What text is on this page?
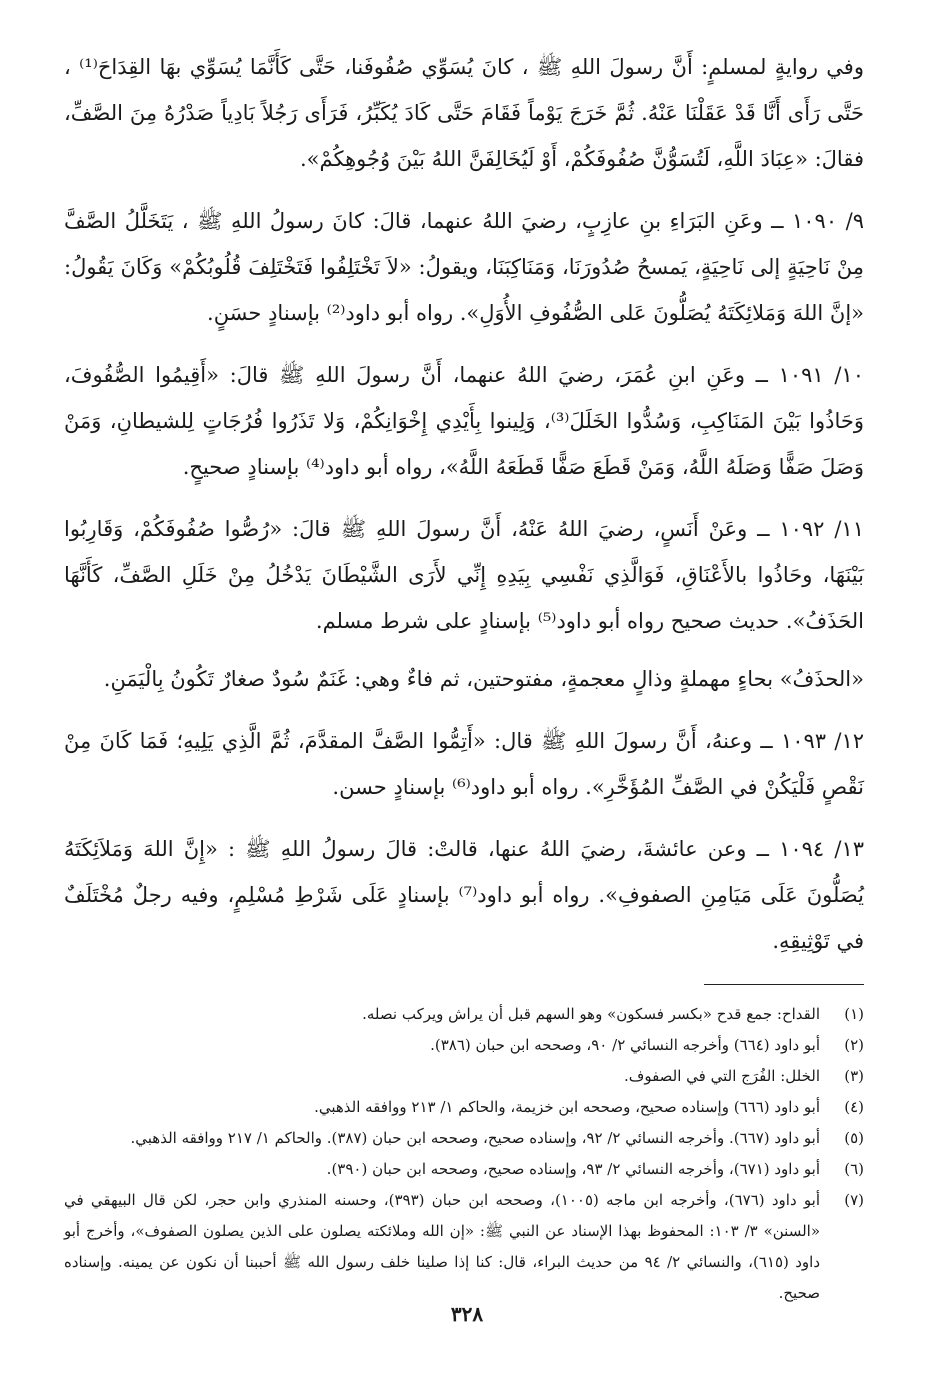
وفي روايةٍ لمسلمٍ: أَنَّ رسولَ اللهِ ﷺ ، كانَ يُسَوِّي صُفُوفَنا، حَتَّى كَأَنَّمَا يُسَوِّي بهَا القِدَاحَ⁽¹⁾ ، حَتَّى رَأَى أَنَّا قَدْ عَقَلْنَا عَنْهُ. ثُمَّ خَرَجَ يَوْماً فَقَامَ حَتَّى كَادَ يُكَبِّرُ، فَرَأَى رَجُلاً بَادِياً صَدْرُهُ مِنَ الصَّفِّ، فقالَ: «عِبَادَ اللَّهِ، لَتُسَوُّنَّ صُفُوفَكُمْ، أَوْ لَيُخَالِفَنَّ اللهُ بَيْنَ وُجُوهِكُمْ».

٩/ ١٠٩٠ ــ وعَنِ البَرَاءِ بنِ عازِبٍ، رضيَ اللهُ عنهما، قالَ: كانَ رسولُ اللهِ ﷺ ، يَتَخَلَّلُ الصَّفَّ مِنْ نَاحِيَةٍ إلى نَاحِيَةٍ، يَمسحُ صُدُورَنَا، وَمَنَاكِبَنَا، ويقولُ: «لاَ تَخْتَلِفُوا فَتَخْتَلِفَ قُلُوبُكُمْ» وَكَانَ يَقُولُ: «إنَّ اللهَ وَمَلائِكَتَهُ يُصَلُّونَ عَلى الصُّفُوفِ الأُوَلِ». رواه أبو داود⁽²⁾ بإسنادٍ حسَنٍ.

١٠/ ١٠٩١ ــ وعَنِ ابنِ عُمَرَ، رضيَ اللهُ عنهما، أَنَّ رسولَ اللهِ ﷺ قالَ: «أَقِيمُوا الصُّفُوفَ، وَحَاذُوا بَيْنَ المَنَاكِبِ، وَسُدُّوا الخَلَلَ⁽³⁾، وَلِينوا بِأَيْدِي إِخْوَانِكُمْ، وَلا تَذَرُوا فُرُجَاتٍ لِلشيطانِ، وَمَنْ وَصَلَ صَفًّا وَصَلَهُ اللَّهُ، وَمَنْ قَطَعَ صَفًّا قَطَعَهُ اللَّهُ»، رواه أبو داود⁽⁴⁾ بإسنادٍ صحيحٍ.

١١/ ١٠٩٢ ــ وعَنْ أَنَسٍ، رضيَ اللهُ عَنْهُ، أَنَّ رسولَ اللهِ ﷺ قالَ: «رُصُّوا صُفُوفَكُمْ، وَقَارِبُوا بَيْنَهَا، وحَاذُوا بالأَعْنَاقِ، فَوَالَّذِي نَفْسِي بِيَدِهِ إِنِّي لأَرَى الشَّيْطَانَ يَدْخُلُ مِنْ خَلَلِ الصَّفِّ، كَأَنَّهَا الحَذَفُ». حديث صحيح رواه أبو داود⁽⁵⁾ بإسنادٍ على شرط مسلم.

«الحذَفُ» بحاءٍ مهملةٍ وذالٍ معجمةٍ، مفتوحتين، ثم فاءٌ وهي: غَنَمٌ سُودٌ صغارٌ تَكُونُ بِالْيَمَنِ.

١٢/ ١٠٩٣ ــ وعنهُ، أَنَّ رسولَ اللهِ ﷺ قال: «أَتِمُّوا الصَّفَّ المقدَّمَ، ثُمَّ الَّذِي يَلِيهِ؛ فَمَا كَانَ مِنْ نَقْصٍ فَلْيَكُنْ في الصَّفِّ المُؤَخَّرِ». رواه أبو داود⁽⁶⁾ بإسنادٍ حسن.

١٣/ ١٠٩٤ ــ وعن عائشةَ، رضيَ اللهُ عنها، قالتْ: قالَ رسولُ اللهِ ﷺ : «إِنَّ اللهَ وَمَلاَئِكَتَهُ يُصَلُّونَ عَلَى مَيَامِنِ الصفوفِ». رواه أبو داود⁽⁷⁾ بإسنادٍ عَلَى شَرْطِ مُسْلِمٍ، وفيه رجلٌ مُخْتَلَفٌ في تَوْثِيقِهِ.

(١)
القداح: جمع قدح «بكسر فسكون» وهو السهم قبل أن يراش ويركب نصله.
(٢)
أبو داود (٦٦٤) وأخرجه النسائي ٢/ ٩٠، وصححه ابن حبان (٣٨٦).
(٣)
الخلل: الفُرَج التي في الصفوف.
(٤)
أبو داود (٦٦٦) وإسناده صحيح، وصححه ابن خزيمة، والحاكم ١/ ٢١٣ ووافقه الذهبي.
(٥)
أبو داود (٦٦٧). وأخرجه النسائي ٢/ ٩٢، وإسناده صحيح، وصححه ابن حبان (٣٨٧). والحاكم ١/ ٢١٧ ووافقه الذهبي.
(٦)
أبو داود (٦٧١)، وأخرجه النسائي ٢/ ٩٣، وإسناده صحيح، وصححه ابن حبان (٣٩٠).
(٧)
أبو داود (٦٧٦)، وأخرجه ابن ماجه (١٠٠٥)، وصححه ابن حبان (٣٩٣)، وحسنه المنذري وابن حجر، لكن قال البيهقي في «السنن» ٣/ ١٠٣: المحفوظ بهذا الإسناد عن النبي ﷺ: «إن الله وملائكته يصلون على الذين يصلون الصفوف»، وأخرج أبو داود (٦١٥)، والنسائي ٢/ ٩٤ من حديث البراء، قال: كنا إذا صلينا خلف رسول الله ﷺ أحببنا أن نكون عن يمينه. وإسناده صحيح.
٣٢٨
